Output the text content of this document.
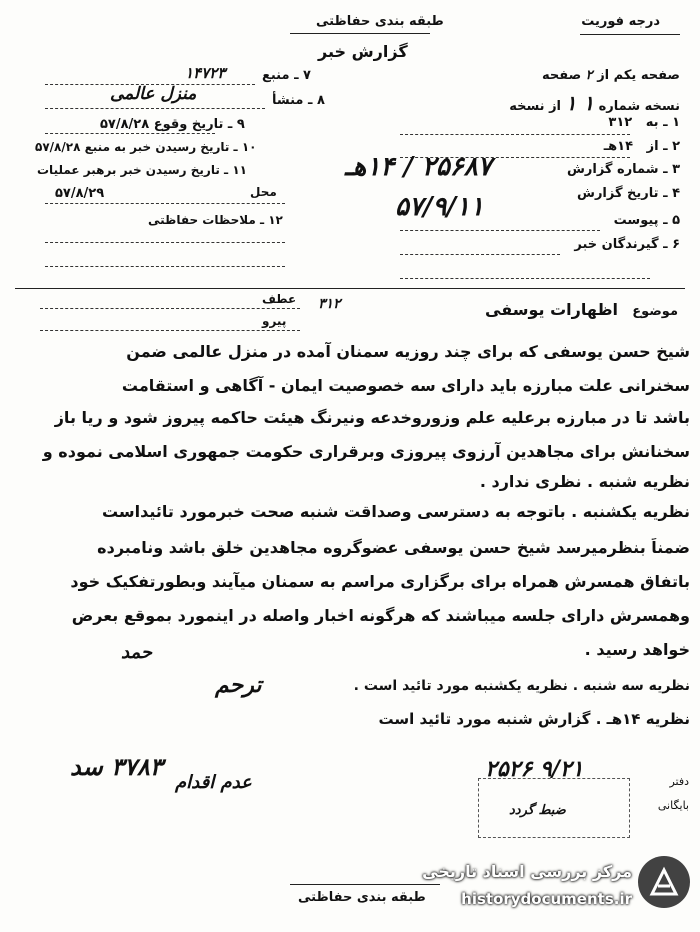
درجه فوریت
طبقه بندی حفاظتی
گزارش خبر
۷ ـ منبع
۱۴۷۲۳
۸ ـ منشأ
منزل عالمی
۹ ـ تاریخ وقوع ۵۷/۸/۲۸
۱۰ ـ تاریخ رسیدن خبر به منبع ۵۷/۸/۲۸
۱۱ ـ تاریخ رسیدن خبر برهبر عملیات
محل
۵۷/۸/۲۹
۱۲ ـ ملاحظات حفاظتی
صفحه یکم از ۲ صفحه
نسخه شماره ۱ ۱ از نسخه
۱ ـ به   ۳۱۲
۲ ـ از   ۱۴هـ
۳ ـ شماره گزارش
۲۵۶۸۷ / ۱۴هـ
۴ ـ تاریخ گزارش
۵۷/۹/۱۱	۵ ـ پیوست
۶ ـ گیرندگان خبر
عطف
پیرو
موضوع
اظهارات یوسفی
۳۱۲
شیخ حسن یوسفی که برای چند روزیه سمنان آمده در منزل عالمی ضمن
سخنرانی علت مبارزه باید دارای سه خصوصیت ایمان - آگاهی و استقامت
باشد تا در مبارزه برعلیه علم وزوروخدعه ونیرنگ هیئت حاکمه پیروز شود و ریا باز
سخنانش برای مجاهدین آرزوی پیروزی وبرقراری حکومت جمهوری اسلامی نموده و
نظریه شنبه . نظری ندارد .
نظریه یکشنبه . باتوجه به دسترسی وصداقت شنبه صحت خبرمورد تائیداست
ضمناً بنظرمیرسد شیخ حسن یوسفی عضوگروه مجاهدین خلق باشد ونامبرده
باتفاق همسرش همراه برای برگزاری مراسم به سمنان میآیند وبطورتفکیک خود
وهمسرش دارای جلسه میباشند که هرگونه اخبار واصله در اینمورد بموقع بعرض
خواهد رسید .
حمد
نظریه سه شنبه . نظریه یکشنبه مورد تائید است .
ترحم
نظریه ۱۴هـ . گزارش شنبه مورد تائید است
۳۷۸۳ سد
عدم اقدام
۲۵۲۶ ۹/۲۱	دفتر
بایگانی
ضبط گردد
طبقه بندی حفاظتی
مرکز بررسی اسناد تاریخی
historydocuments.ir
